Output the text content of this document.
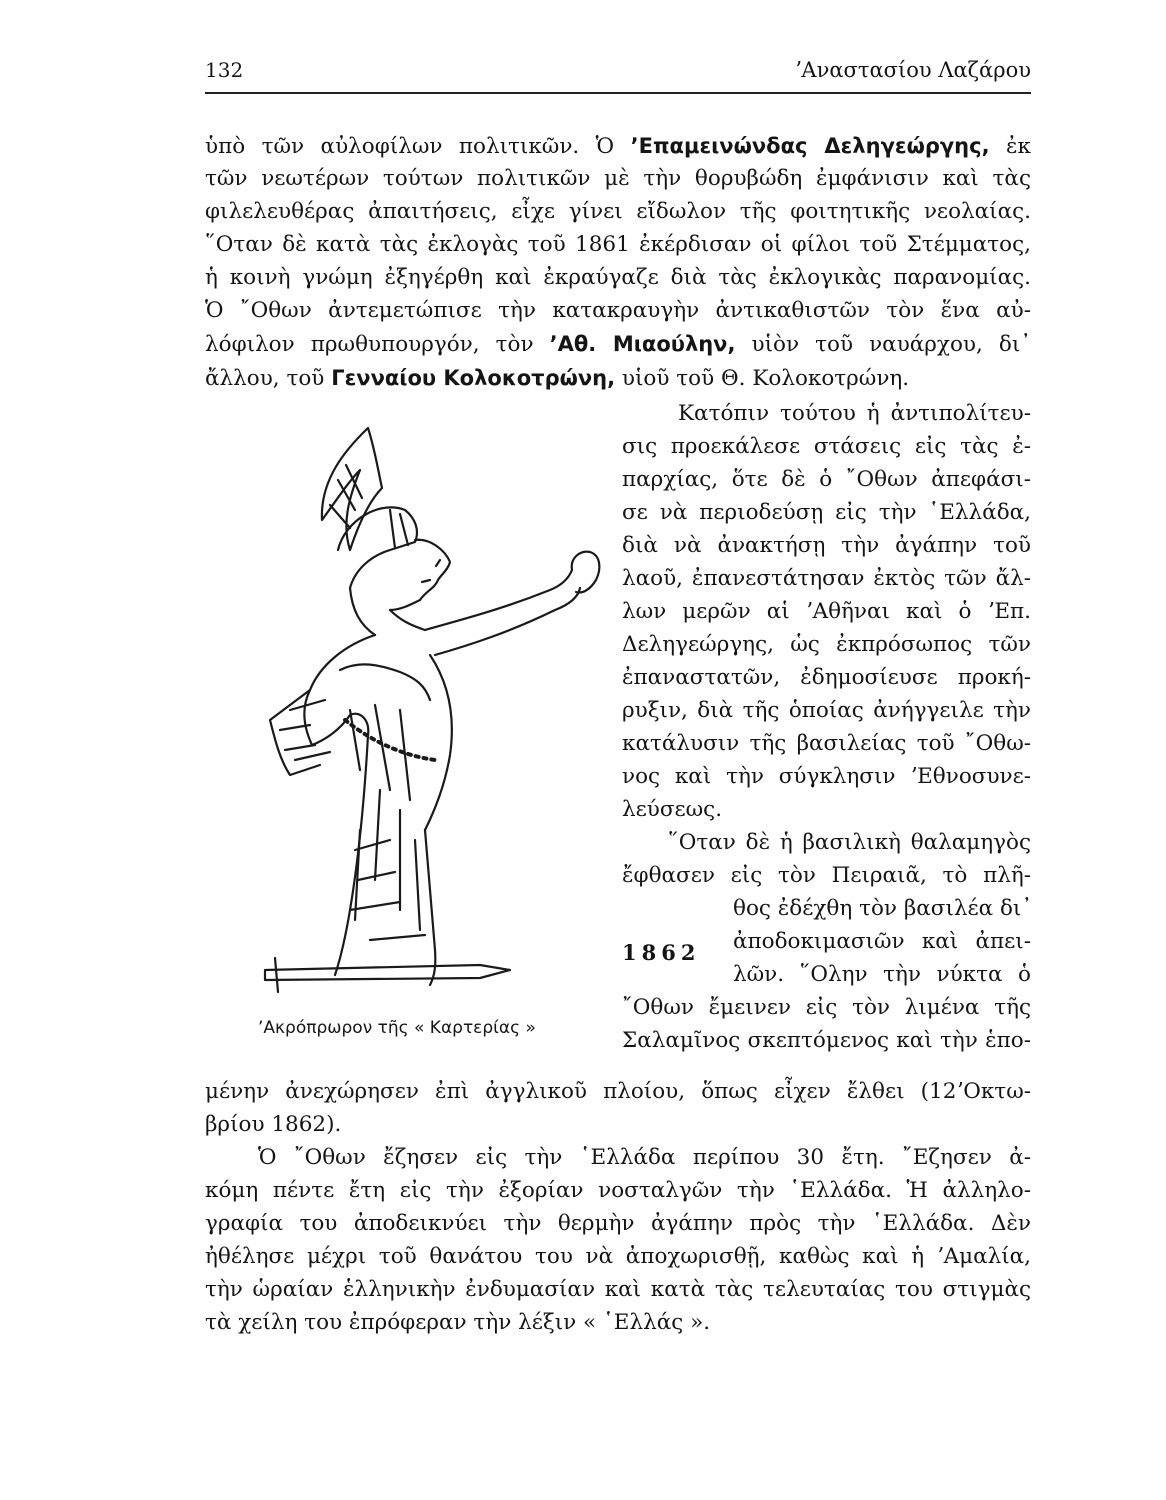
132	ʼΑναστασίου Λαζάρου
ὑπὸ τῶν αὐλοφίλων πολιτικῶν. Ὁ ʼΕπαμεινώνδας Δεληγεώργης, ἐκ
τῶν νεωτέρων τούτων πολιτικῶν μὲ τὴν θορυβώδη ἐμφάνισιν καὶ τὰς
φιλελευθέρας ἀπαιτήσεις, εἶχε γίνει εἴδωλον τῆς φοιτητικῆς νεολαίας.
῞Οταν δὲ κατὰ τὰς ἐκλογὰς τοῦ 1861 ἐκέρδισαν οἱ φίλοι τοῦ Στέμματος,
ἡ κοινὴ γνώμη ἐξηγέρθη καὶ ἐκραύγαζε διὰ τὰς ἐκλογικὰς παρανομίας.
Ὁ ῎Οθων ἀντεμετώπισε τὴν κατακραυγὴν ἀντικαθιστῶν τὸν ἕνα αὐ-
λόφιλον πρωθυπουργόν, τὸν ʼΑθ. Μιαούλην, υἱὸν τοῦ ναυάρχου, δι᾽
ἄλλου, τοῦ Γενναίου Κολοκοτρώνη, υἱοῦ τοῦ Θ. Κολοκοτρώνη.
Κατόπιν τούτου ἡ ἀντιπολίτευ-
σις προεκάλεσε στάσεις εἰς τὰς ἐ-
παρχίας, ὅτε δὲ ὁ ῎Οθων ἀπεφάσι-
σε νὰ περιοδεύσῃ εἰς τὴν ῾Ελλάδα,
διὰ νὰ ἀνακτήσῃ τὴν ἀγάπην τοῦ
λαοῦ, ἐπανεστάτησαν ἐκτὸς τῶν ἄλ-
λων μερῶν αἱ ʼΑθῆναι καὶ ὁ ʼΕπ.
Δεληγεώργης, ὡς ἐκπρόσωπος τῶν
ἐπαναστατῶν, ἐδημοσίευσε προκή-
ρυξιν, διὰ τῆς ὁποίας ἀνήγγειλε τὴν
κατάλυσιν τῆς βασιλείας τοῦ ῎Οθω-
νος καὶ τὴν σύγκλησιν ʼΕθνοσυνε-
λεύσεως.
῞Οταν δὲ ἡ βασιλικὴ θαλαμηγὸς
ἔφθασεν εἰς τὸν Πειραιᾶ, τὸ πλῆ-
θος ἐδέχθη τὸν βασιλέα δι᾽
1862 ἀποδοκιμασιῶν καὶ ἀπει-
λῶν. ῞Ολην τὴν νύκτα ὁ
῎Οθων ἔμεινεν εἰς τὸν λιμένα τῆς
Σαλαμῖνος σκεπτόμενος καὶ τὴν ἑπο-
ʼΑκρόπρωρον τῆς « Καρτερίας »
μένην ἀνεχώρησεν ἐπὶ ἀγγλικοῦ πλοίου, ὅπως εἶχεν ἔλθει (12ʼΟκτω-
βρίου 1862).
Ὁ ῎Οθων ἔζησεν εἰς τὴν ῾Ελλάδα περίπου 30 ἔτη. ῎Εζησεν ἀ-
κόμη πέντε ἔτη εἰς τὴν ἐξορίαν νοσταλγῶν τὴν ῾Ελλάδα. Ἡ ἀλληλο-
γραφία του ἀποδεικνύει τὴν θερμὴν ἀγάπην πρὸς τὴν ῾Ελλάδα. Δὲν
ἠθέλησε μέχρι τοῦ θανάτου του νὰ ἀποχωρισθῇ, καθὼς καὶ ἡ ʼΑμαλία,
τὴν ὡραίαν ἑλληνικὴν ἐνδυμασίαν καὶ κατὰ τὰς τελευταίας του στιγμὰς
τὰ χείλη του ἐπρόφεραν τὴν λέξιν « ῾Ελλάς ».
